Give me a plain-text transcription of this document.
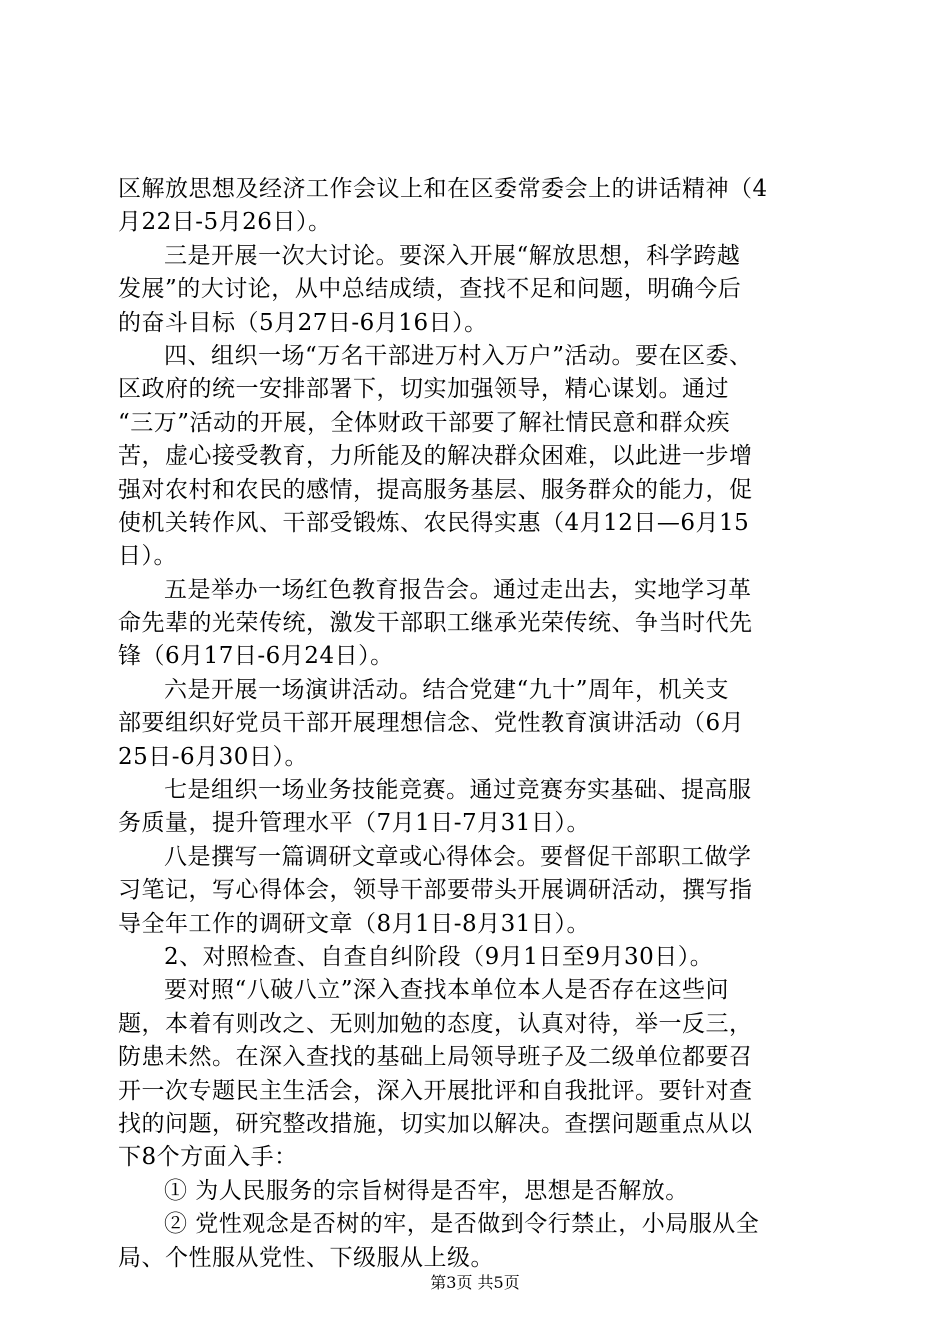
区解放思想及经济工作会议上和在区委常委会上的讲话精神（4
月22日-5月26日）。
三是开展一次大讨论。要深入开展“解放思想，科学跨越
发展”的大讨论，从中总结成绩，查找不足和问题，明确今后
的奋斗目标（5月27日-6月16日）。
四、组织一场“万名干部进万村入万户”活动。要在区委、
区政府的统一安排部署下，切实加强领导，精心谋划。通过
“三万”活动的开展，全体财政干部要了解社情民意和群众疾
苦，虚心接受教育，力所能及的解决群众困难，以此进一步增
强对农村和农民的感情，提高服务基层、服务群众的能力，促
使机关转作风、干部受锻炼、农民得实惠（4月12日—6月15
日）。
五是举办一场红色教育报告会。通过走出去，实地学习革
命先辈的光荣传统，激发干部职工继承光荣传统、争当时代先
锋（6月17日-6月24日）。
六是开展一场演讲活动。结合党建“九十”周年，机关支
部要组织好党员干部开展理想信念、党性教育演讲活动（6月
25日-6月30日）。
七是组织一场业务技能竞赛。通过竞赛夯实基础、提高服
务质量，提升管理水平（7月1日-7月31日）。
八是撰写一篇调研文章或心得体会。要督促干部职工做学
习笔记，写心得体会，领导干部要带头开展调研活动，撰写指
导全年工作的调研文章（8月1日-8月31日）。
2、对照检查、自查自纠阶段（9月1日至9月30日）。
要对照“八破八立”深入查找本单位本人是否存在这些问
题，本着有则改之、无则加勉的态度，认真对待，举一反三，
防患未然。在深入查找的基础上局领导班子及二级单位都要召
开一次专题民主生活会，深入开展批评和自我批评。要针对查
找的问题，研究整改措施，切实加以解决。查摆问题重点从以
下8个方面入手：
① 为人民服务的宗旨树得是否牢，思想是否解放。
② 党性观念是否树的牢，是否做到令行禁止，小局服从全
局、个性服从党性、下级服从上级。
第3页 共5页
